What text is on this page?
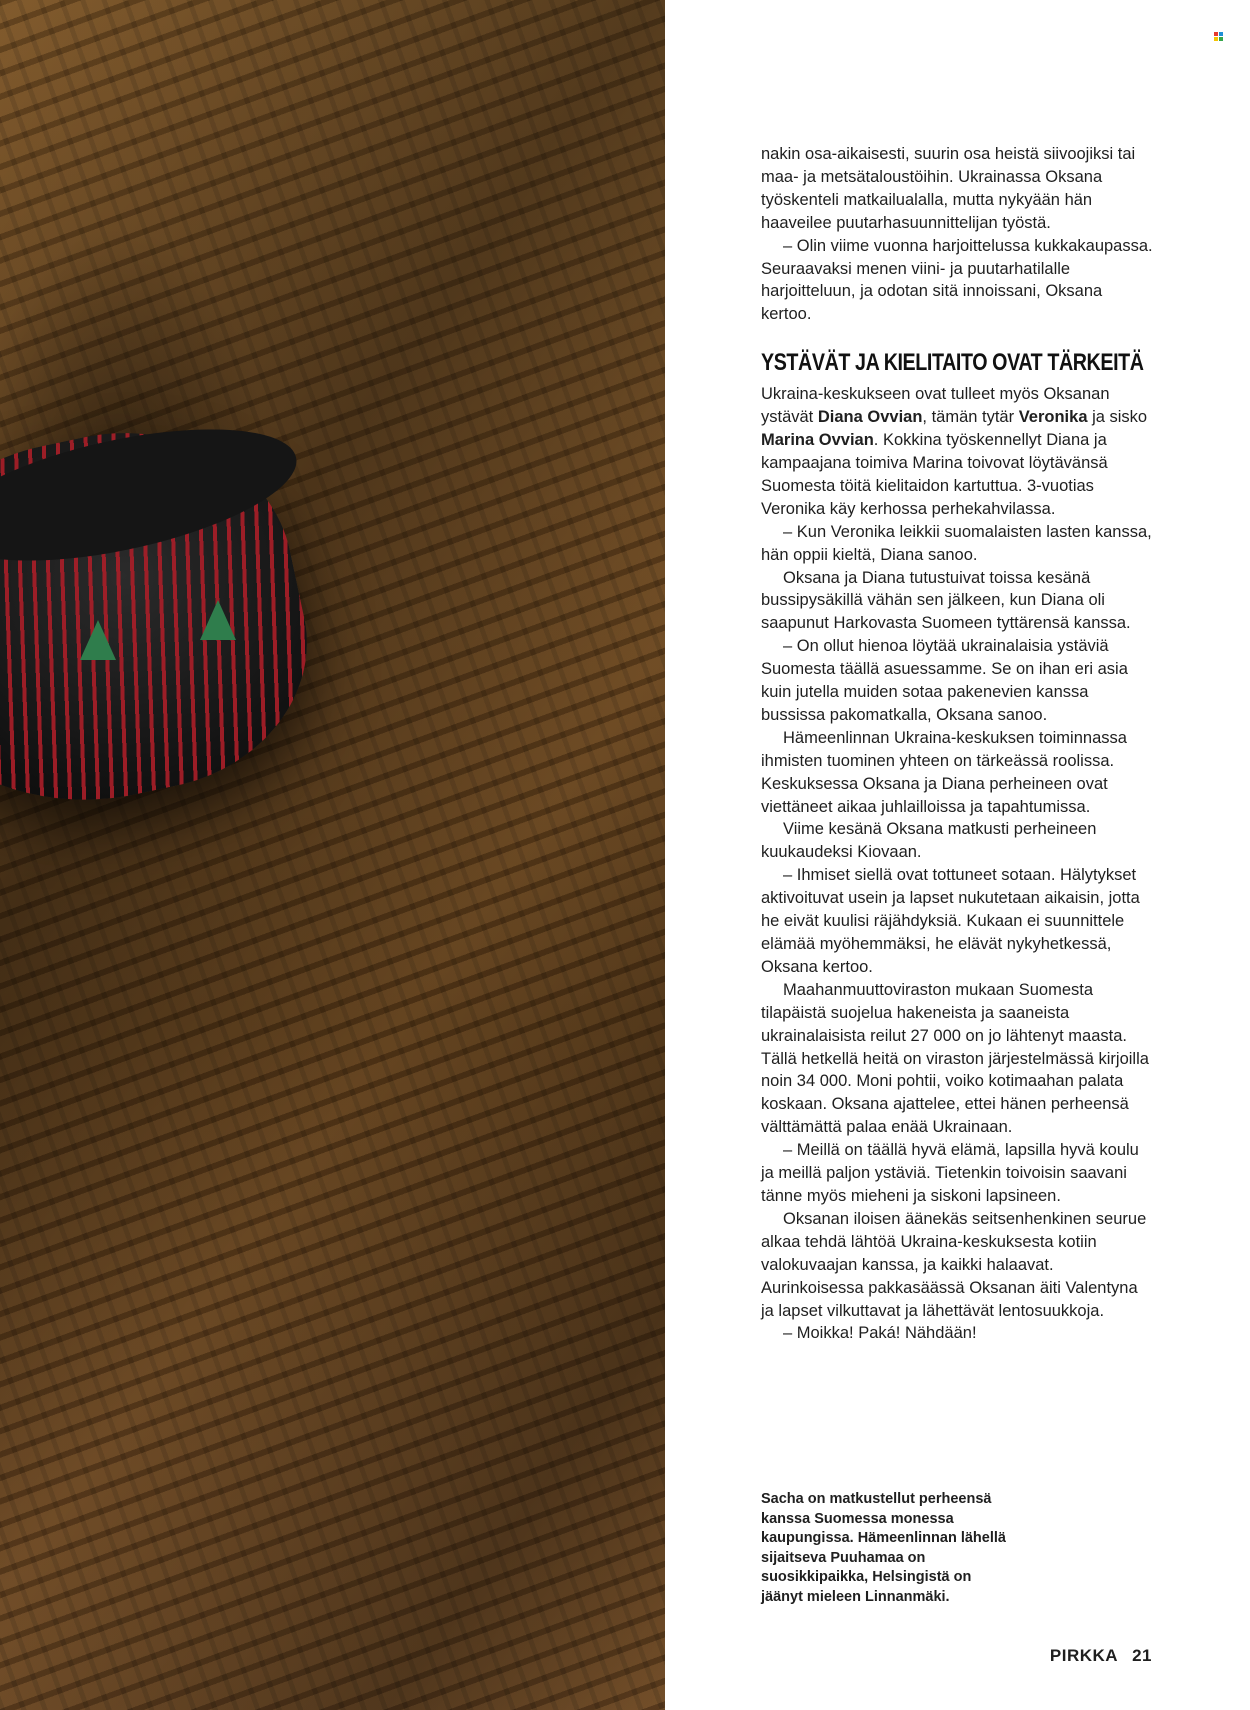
nakin osa-aikaisesti, suurin osa heistä siivoojiksi tai maa- ja metsätaloustöihin. Ukrainassa Oksana työskenteli matkailualalla, mutta nykyään hän haaveilee puutarhasuunnittelijan työstä.

– Olin viime vuonna harjoittelussa kukkakaupassa. Seuraavaksi menen viini- ja puutarhatilalle harjoitteluun, ja odotan sitä innoissani, Oksana kertoo.

YSTÄVÄT JA KIELITAITO OVAT TÄRKEITÄ

Ukraina-keskukseen ovat tulleet myös Oksanan ystävät Diana Ovvian, tämän tytär Veronika ja sisko Marina Ovvian. Kokkina työskennellyt Diana ja kampaajana toimiva Marina toivovat löytävänsä Suomesta töitä kielitaidon kartuttua. 3-vuotias Veronika käy kerhossa perhekahvilassa.

– Kun Veronika leikkii suomalaisten lasten kanssa, hän oppii kieltä, Diana sanoo.

Oksana ja Diana tutustuivat toissa kesänä bussipysäkillä vähän sen jälkeen, kun Diana oli saapunut Harkovasta Suomeen tyttärensä kanssa.

– On ollut hienoa löytää ukrainalaisia ystäviä Suomesta täällä asuessamme. Se on ihan eri asia kuin jutella muiden sotaa pakenevien kanssa bussissa pakomatkalla, Oksana sanoo.

Hämeenlinnan Ukraina-keskuksen toiminnassa ihmisten tuominen yhteen on tärkeässä roolissa. Keskuksessa Oksana ja Diana perheineen ovat viettäneet aikaa juhlailloissa ja tapahtumissa.

Viime kesänä Oksana matkusti perheineen kuukaudeksi Kiovaan.

– Ihmiset siellä ovat tottuneet sotaan. Hälytykset aktivoituvat usein ja lapset nukutetaan aikaisin, jotta he eivät kuulisi räjähdyksiä. Kukaan ei suunnittele elämää myöhemmäksi, he elävät nykyhetkessä, Oksana kertoo.

Maahanmuuttoviraston mukaan Suomesta tilapäistä suojelua hakeneista ja saaneista ukrainalaisista reilut 27 000 on jo lähtenyt maasta. Tällä hetkellä heitä on viraston järjestelmässä kirjoilla noin 34 000. Moni pohtii, voiko kotimaahan palata koskaan. Oksana ajattelee, ettei hänen perheensä välttämättä palaa enää Ukrainaan.

– Meillä on täällä hyvä elämä, lapsilla hyvä koulu ja meillä paljon ystäviä. Tietenkin toivoisin saavani tänne myös mieheni ja siskoni lapsineen.

Oksanan iloisen äänekäs seitsenhenkinen seurue alkaa tehdä lähtöä Ukraina-keskuksesta kotiin valokuvaajan kanssa, ja kaikki halaavat. Aurinkoisessa pakkasäässä Oksanan äiti Valentyna ja lapset vilkuttavat ja lähettävät lentosuukkoja.

– Moikka! Paká! Nähdään!

Sacha on matkustellut perheensä kanssa Suomessa monessa kaupungissa. Hämeenlinnan lähellä sijaitseva Puuhamaa on suosikkipaikka, Helsingistä on jäänyt mieleen Linnanmäki.
PIRKKA 21
